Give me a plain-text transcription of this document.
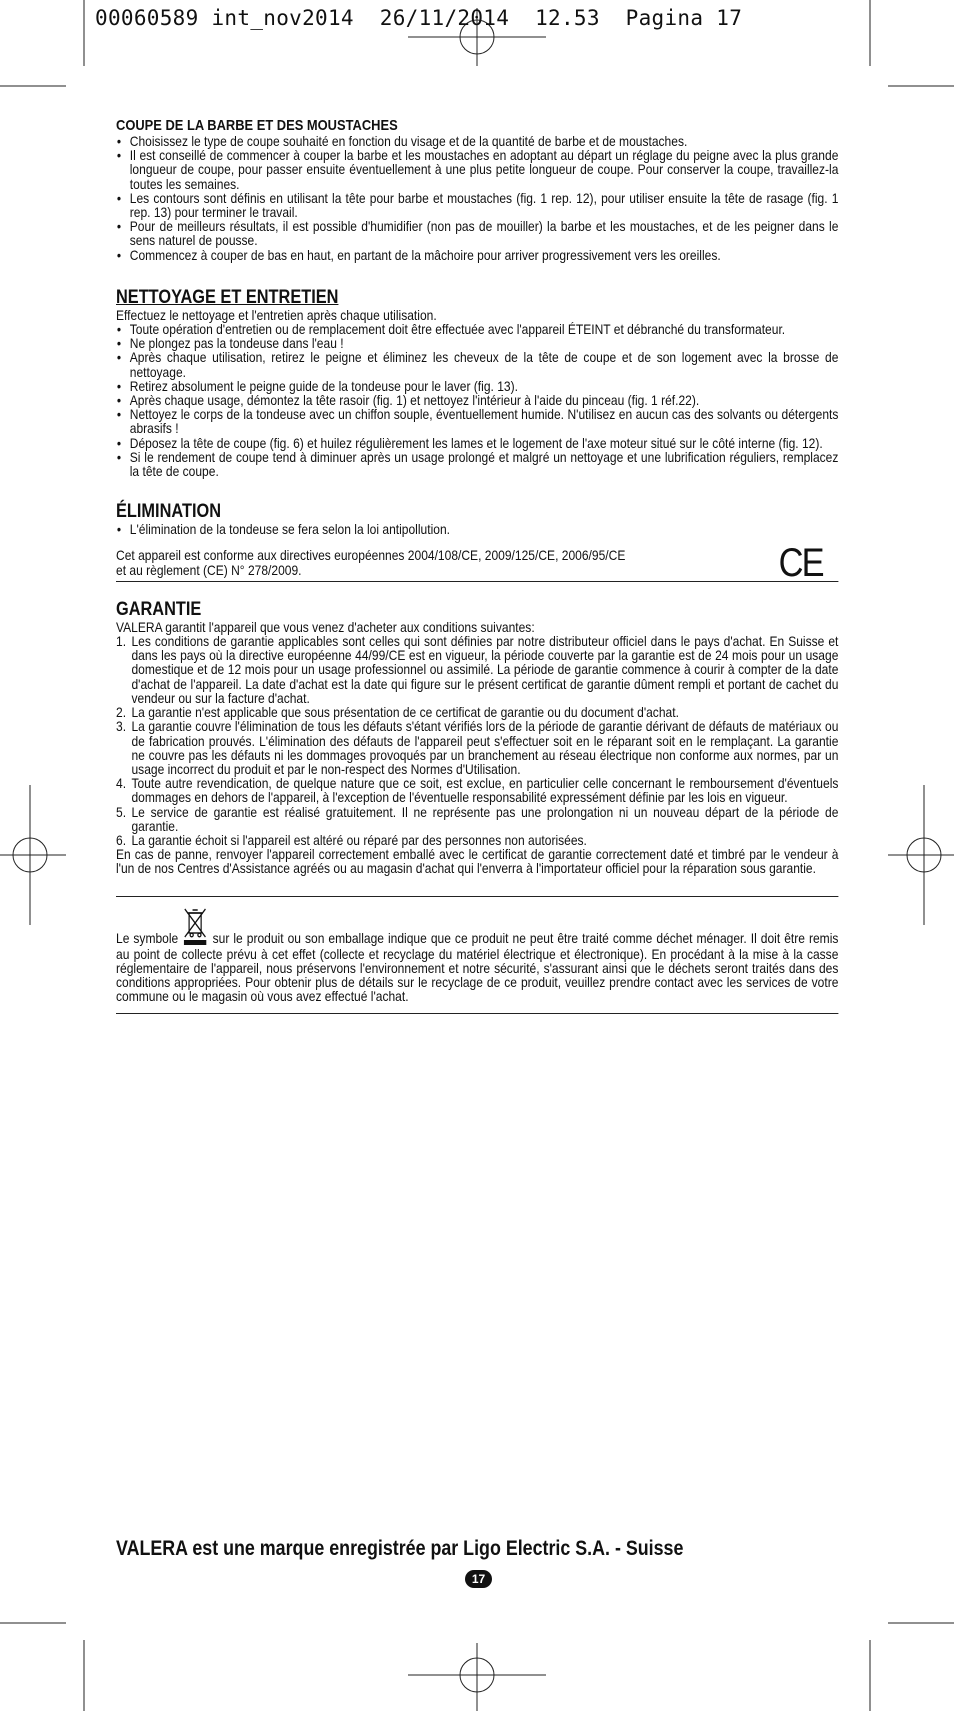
00060589 int_nov2014  26/11/2014  12.53  Pagina 17
COUPE DE LA BARBE ET DES MOUSTACHES
• Choisissez le type de coupe souhaité en fonction du visage et de la quantité de barbe et de moustaches.
• Il est conseillé de commencer à couper la barbe et les moustaches en adoptant au départ un réglage du peigne avec la plus grande longueur de coupe, pour passer ensuite éventuellement à une plus petite longueur de coupe. Pour conserver la coupe, travaillez-la toutes les semaines.
• Les contours sont définis en utilisant la tête pour barbe et moustaches (fig. 1 rep. 12), pour utiliser ensuite la tête de rasage (fig. 1 rep. 13) pour terminer le travail.
• Pour de meilleurs résultats, il est possible d'humidifier (non pas de mouiller) la barbe et les moustaches, et de les peigner dans le sens naturel de pousse.
• Commencez à couper de bas en haut, en partant de la mâchoire pour arriver progressivement vers les oreilles.
NETTOYAGE ET ENTRETIEN

Effectuez le nettoyage et l'entretien après chaque utilisation.

• Toute opération d'entretien ou de remplacement doit être effectuée avec l'appareil ÉTEINT et débranché du transformateur.
• Ne plongez pas la tondeuse dans l'eau !
• Après chaque utilisation, retirez le peigne et éliminez les cheveux de la tête de coupe et de son logement avec la brosse de nettoyage.
• Retirez absolument le peigne guide de la tondeuse pour le laver (fig. 13).
• Après chaque usage, démontez la tête rasoir (fig. 1) et nettoyez l'intérieur à l'aide du pinceau (fig. 1 réf.22).
• Nettoyez le corps de la tondeuse avec un chiffon souple, éventuellement humide. N'utilisez en aucun cas des solvants ou détergents abrasifs !
• Déposez la tête de coupe (fig. 6) et huilez régulièrement les lames et le logement de l'axe moteur situé sur le côté interne (fig. 12).
• Si le rendement de coupe tend à diminuer après un usage prolongé et malgré un nettoyage et une lubrification réguliers, remplacez la tête de coupe.
ÉLIMINATION
• L'élimination de la tondeuse se fera selon la loi antipollution.

Cet appareil est conforme aux directives européennes 2004/108/CE, 2009/125/CE, 2006/95/CE et au règlement (CE) N° 278/2009.	CE
GARANTIE

VALERA garantit l'appareil que vous venez d'acheter aux conditions suivantes:

1. Les conditions de garantie applicables sont celles qui sont définies par notre distributeur officiel dans le pays d'achat. En Suisse et dans les pays où la directive européenne 44/99/CE est en vigueur, la période couverte par la garantie est de 24 mois pour un usage domestique et de 12 mois pour un usage professionnel ou assimilé. La période de garantie commence à courir à compter de la date d'achat de l'appareil. La date d'achat est la date qui figure sur le présent certificat de garantie dûment rempli et portant de cachet du vendeur ou sur la facture d'achat.
2. La garantie n'est applicable que sous présentation de ce certificat de garantie ou du document d'achat.
3. La garantie couvre l'élimination de tous les défauts s'étant vérifiés lors de la période de garantie dérivant de défauts de matériaux ou de fabrication prouvés. L'élimination des défauts de l'appareil peut s'effectuer soit en le réparant soit en le remplaçant. La garantie ne couvre pas les défauts ni les dommages provoqués par un branchement au réseau électrique non conforme aux normes, par un usage incorrect du produit et par le non-respect des Normes d'Utilisation.
4. Toute autre revendication, de quelque nature que ce soit, est exclue, en particulier celle concernant le remboursement d'éventuels dommages en dehors de l'appareil, à l'exception de l'éventuelle responsabilité expressément définie par les lois en vigueur.
5. Le service de garantie est réalisé gratuitement. Il ne représente pas une prolongation ni un nouveau départ de la période de garantie.
6. La garantie échoit si l'appareil est altéré ou réparé par des personnes non autorisées.

En cas de panne, renvoyer l'appareil correctement emballé avec le certificat de garantie correctement daté et timbré par le vendeur à l'un de nos Centres d'Assistance agréés ou au magasin d'achat qui l'enverra à l'importateur officiel pour la réparation sous garantie.

Le symbole sur le produit ou son emballage indique que ce produit ne peut être traité comme déchet ménager. Il doit être remis au point de collecte prévu à cet effet (collecte et recyclage du matériel électrique et électronique). En procédant à la mise à la casse réglementaire de l'appareil, nous préservons l'environnement et notre sécurité, s'assurant ainsi que le déchets seront traités dans des conditions appropriées. Pour obtenir plus de détails sur le recyclage de ce produit, veuillez prendre contact avec les services de votre commune ou le magasin où vous avez effectué l'achat.

VALERA est une marque enregistrée par Ligo Electric S.A. - Suisse
17
